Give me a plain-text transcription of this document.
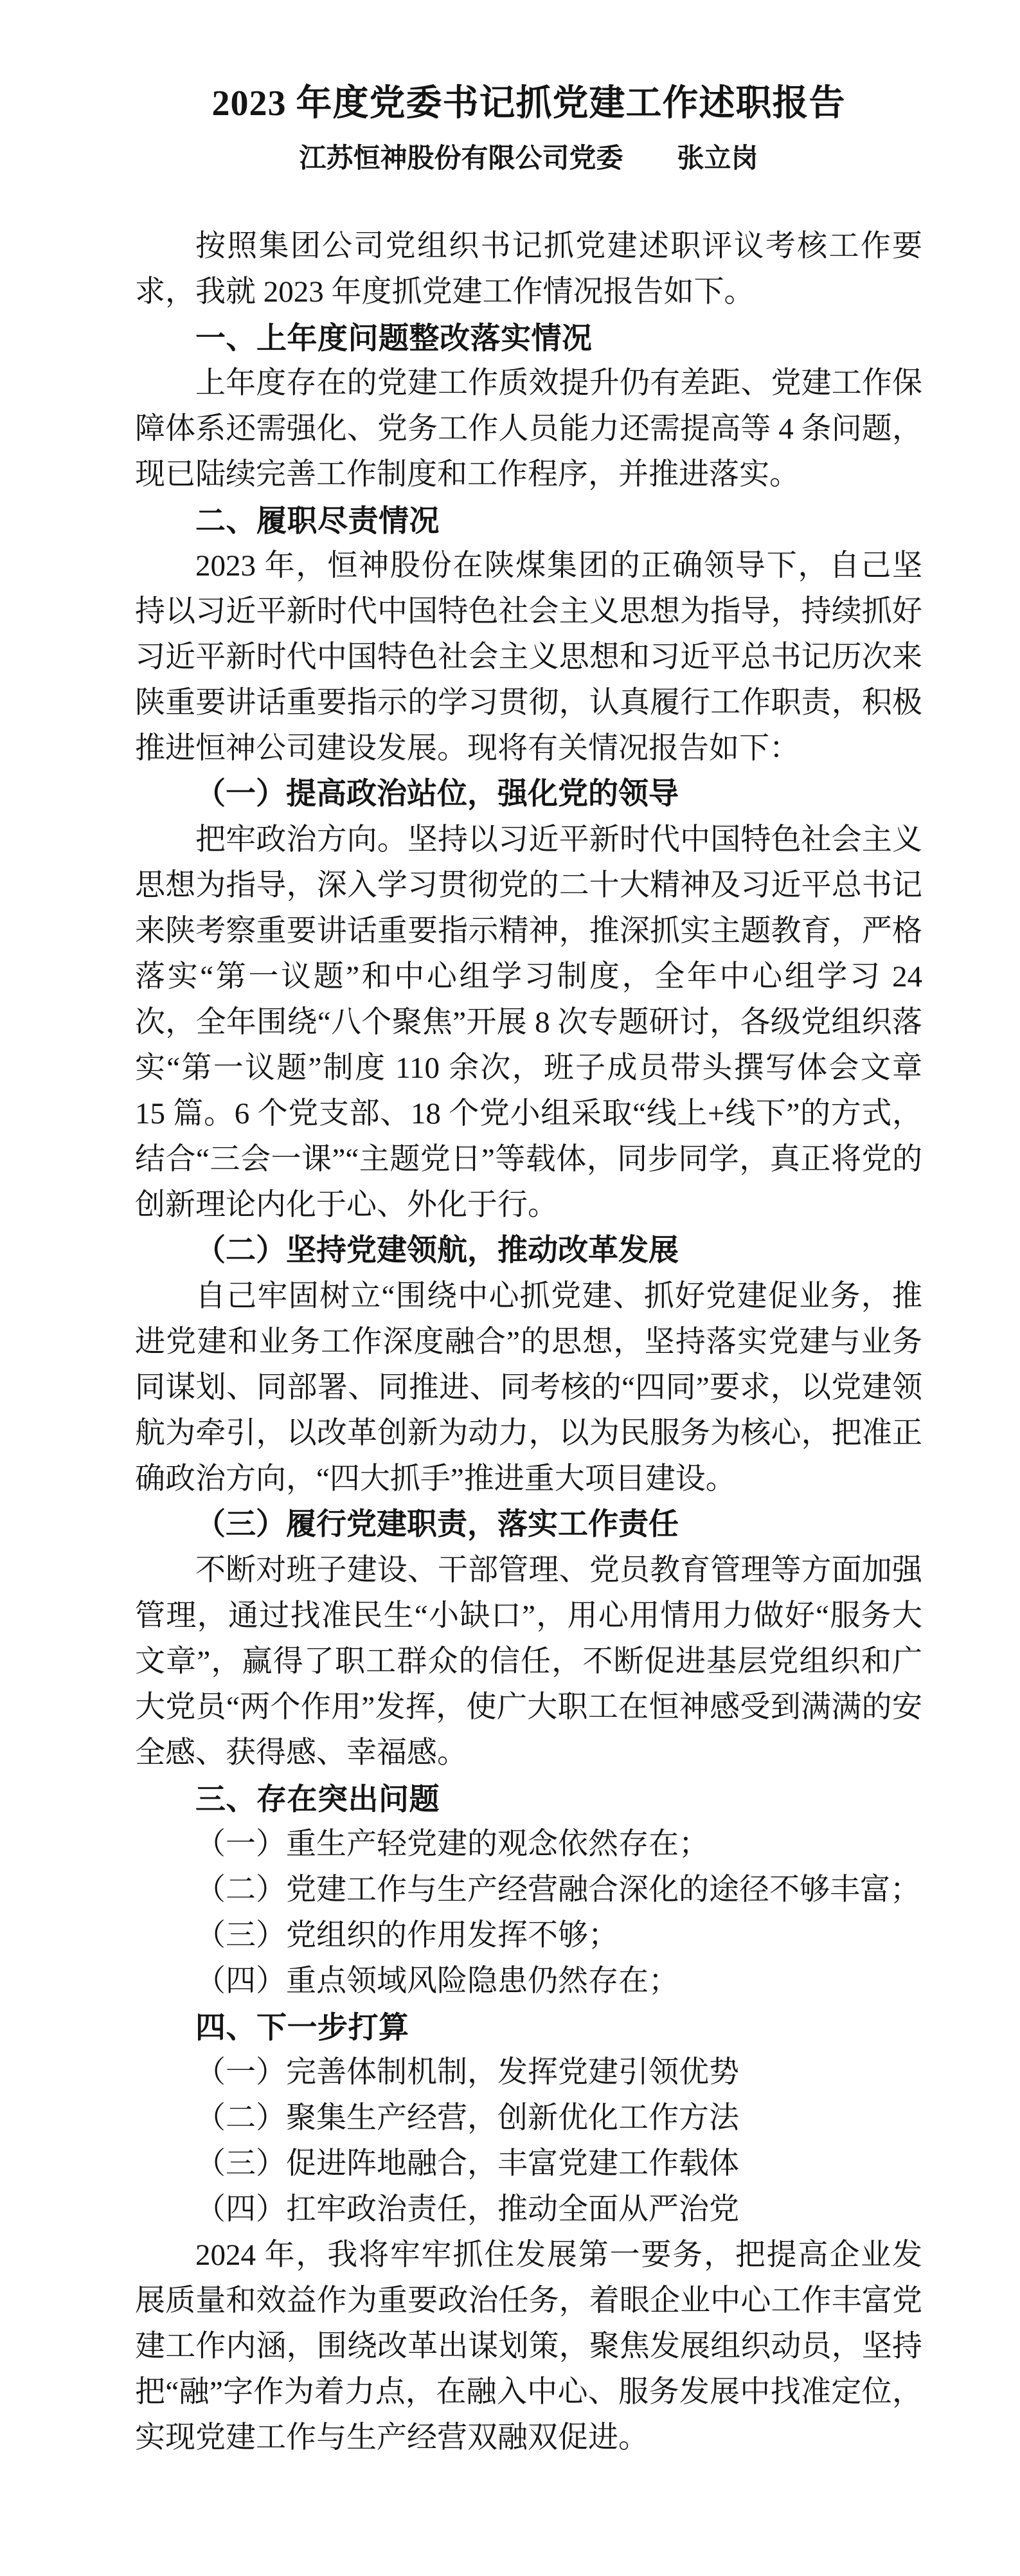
2023 年度党委书记抓党建工作述职报告
江苏恒神股份有限公司党委　　张立岗

按照集团公司党组织书记抓党建述职评议考核工作要求，我就 2023 年度抓党建工作情况报告如下。

一、上年度问题整改落实情况

上年度存在的党建工作质效提升仍有差距、党建工作保障体系还需强化、党务工作人员能力还需提高等 4 条问题，现已陆续完善工作制度和工作程序，并推进落实。

二、履职尽责情况

2023 年，恒神股份在陕煤集团的正确领导下，自己坚持以习近平新时代中国特色社会主义思想为指导，持续抓好习近平新时代中国特色社会主义思想和习近平总书记历次来陕重要讲话重要指示的学习贯彻，认真履行工作职责，积极推进恒神公司建设发展。现将有关情况报告如下：

（一）提高政治站位，强化党的领导

把牢政治方向。坚持以习近平新时代中国特色社会主义思想为指导，深入学习贯彻党的二十大精神及习近平总书记来陕考察重要讲话重要指示精神，推深抓实主题教育，严格落实“第一议题”和中心组学习制度，全年中心组学习 24 次，全年围绕“八个聚焦”开展 8 次专题研讨，各级党组织落实“第一议题”制度 110 余次，班子成员带头撰写体会文章 15 篇。6 个党支部、18 个党小组采取“线上+线下”的方式，结合“三会一课”“主题党日”等载体，同步同学，真正将党的创新理论内化于心、外化于行。

（二）坚持党建领航，推动改革发展

自己牢固树立“围绕中心抓党建、抓好党建促业务，推进党建和业务工作深度融合”的思想，坚持落实党建与业务同谋划、同部署、同推进、同考核的“四同”要求，以党建领航为牵引，以改革创新为动力，以为民服务为核心，把准正确政治方向，“四大抓手”推进重大项目建设。

（三）履行党建职责，落实工作责任

不断对班子建设、干部管理、党员教育管理等方面加强管理，通过找准民生“小缺口”，用心用情用力做好“服务大文章”，赢得了职工群众的信任，不断促进基层党组织和广大党员“两个作用”发挥，使广大职工在恒神感受到满满的安全感、获得感、幸福感。

三、存在突出问题

（一）重生产轻党建的观念依然存在；

（二）党建工作与生产经营融合深化的途径不够丰富；

（三）党组织的作用发挥不够；

（四）重点领域风险隐患仍然存在；

四、下一步打算

（一）完善体制机制，发挥党建引领优势

（二）聚集生产经营，创新优化工作方法

（三）促进阵地融合，丰富党建工作载体

（四）扛牢政治责任，推动全面从严治党

2024 年，我将牢牢抓住发展第一要务，把提高企业发展质量和效益作为重要政治任务，着眼企业中心工作丰富党建工作内涵，围绕改革出谋划策，聚焦发展组织动员，坚持把“融”字作为着力点，在融入中心、服务发展中找准定位，实现党建工作与生产经营双融双促进。
